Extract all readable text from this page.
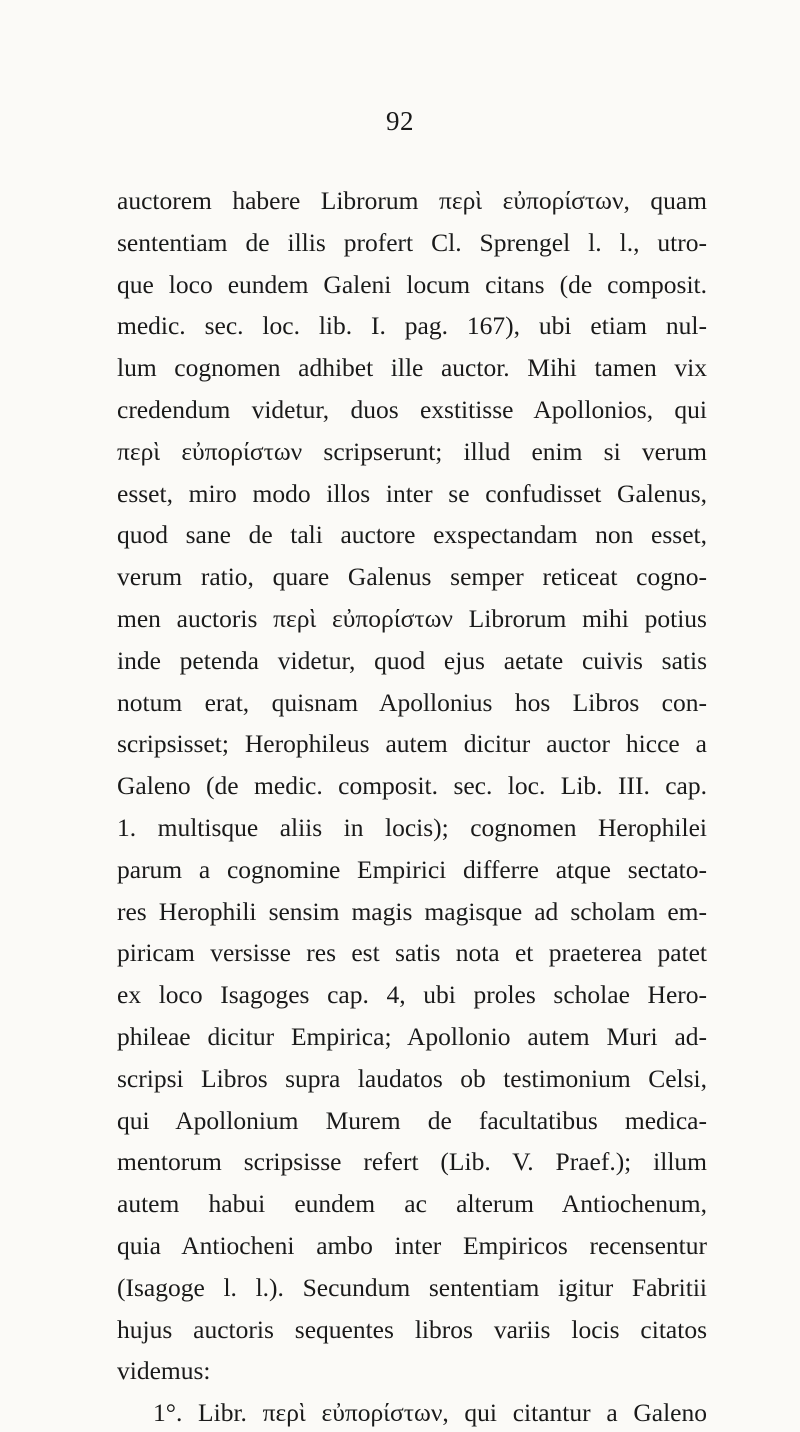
92
auctorem habere Librorum περὶ εὐπορίστων, quam
sententiam de illis profert Cl. Sprengel l. l., utro-
que loco eundem Galeni locum citans (de composit.
medic. sec. loc. lib. I. pag. 167), ubi etiam nul-
lum cognomen adhibet ille auctor. Mihi tamen vix
credendum videtur, duos exstitisse Apollonios, qui
περὶ εὐπορίστων scripserunt; illud enim si verum
esset, miro modo illos inter se confudisset Galenus,
quod sane de tali auctore exspectandam non esset,
verum ratio, quare Galenus semper reticeat cogno-
men auctoris περὶ εὐπορίστων Librorum mihi potius
inde petenda videtur, quod ejus aetate cuivis satis
notum erat, quisnam Apollonius hos Libros con-
scripsisset; Herophileus autem dicitur auctor hicce a
Galeno (de medic. composit. sec. loc. Lib. III. cap.
1. multisque aliis in locis); cognomen Herophilei
parum a cognomine Empirici differre atque sectato-
res Herophili sensim magis magisque ad scholam em-
piricam versisse res est satis nota et praeterea patet
ex loco Isagoges cap. 4, ubi proles scholae Hero-
phileae dicitur Empirica; Apollonio autem Muri ad-
scripsi Libros supra laudatos ob testimonium Celsi,
qui Apollonium Murem de facultatibus medica-
mentorum scripsisse refert (Lib. V. Praef.); illum
autem habui eundem ac alterum Antiochenum,
quia Antiocheni ambo inter Empiricos recensentur
(Isagoge l. l.). Secundum sententiam igitur Fabritii
hujus auctoris sequentes libros variis locis citatos
videmus:
1°. Libr. περὶ εὐπορίστων, qui citantur a Galeno
